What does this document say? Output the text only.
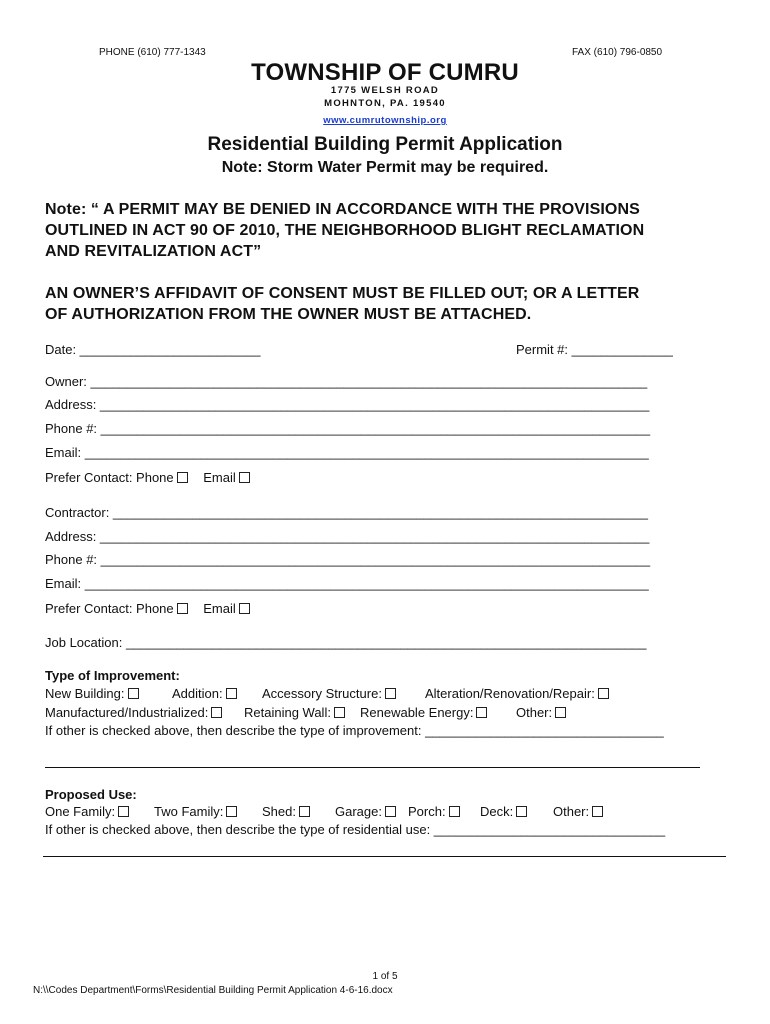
PHONE (610) 777-1343	FAX (610) 796-0850
TOWNSHIP OF CUMRU
1775 WELSH ROAD
MOHNTON, PA. 19540
www.cumrutownship.org
Residential Building Permit Application
Note: Storm Water Permit may be required.
Note: “ A PERMIT MAY BE DENIED IN ACCORDANCE WITH THE PROVISIONS
OUTLINED IN ACT 90 OF 2010, THE NEIGHBORHOOD BLIGHT RECLAMATION
AND REVITALIZATION ACT”
AN OWNER’S AFFIDAVIT OF CONSENT MUST BE FILLED OUT; OR A LETTER
OF AUTHORIZATION FROM THE OWNER MUST BE ATTACHED.
Date: _________________________	Permit #: ______________
Owner: _____________________________________________________________________________
Address: ____________________________________________________________________________
Phone #: ____________________________________________________________________________
Email: ______________________________________________________________________________
Prefer Contact: Phone Email
Contractor: __________________________________________________________________________
Address: ____________________________________________________________________________
Phone #: ____________________________________________________________________________
Email: ______________________________________________________________________________
Prefer Contact: Phone Email
Job Location: ________________________________________________________________________
Type of Improvement:
New Building:	Addition:	Accessory Structure:	Alteration/Renovation/Repair:
Manufactured/Industrialized:	Retaining Wall:	Renewable Energy:	Other:
If other is checked above, then describe the type of improvement: _________________________________
Proposed Use:
One Family:	Two Family:	Shed:	Garage:	Porch:	Deck:	Other:
If other is checked above, then describe the type of residential use: ________________________________
1 of 5
N:\\Codes Department\Forms\Residential Building Permit Application 4-6-16.docx
